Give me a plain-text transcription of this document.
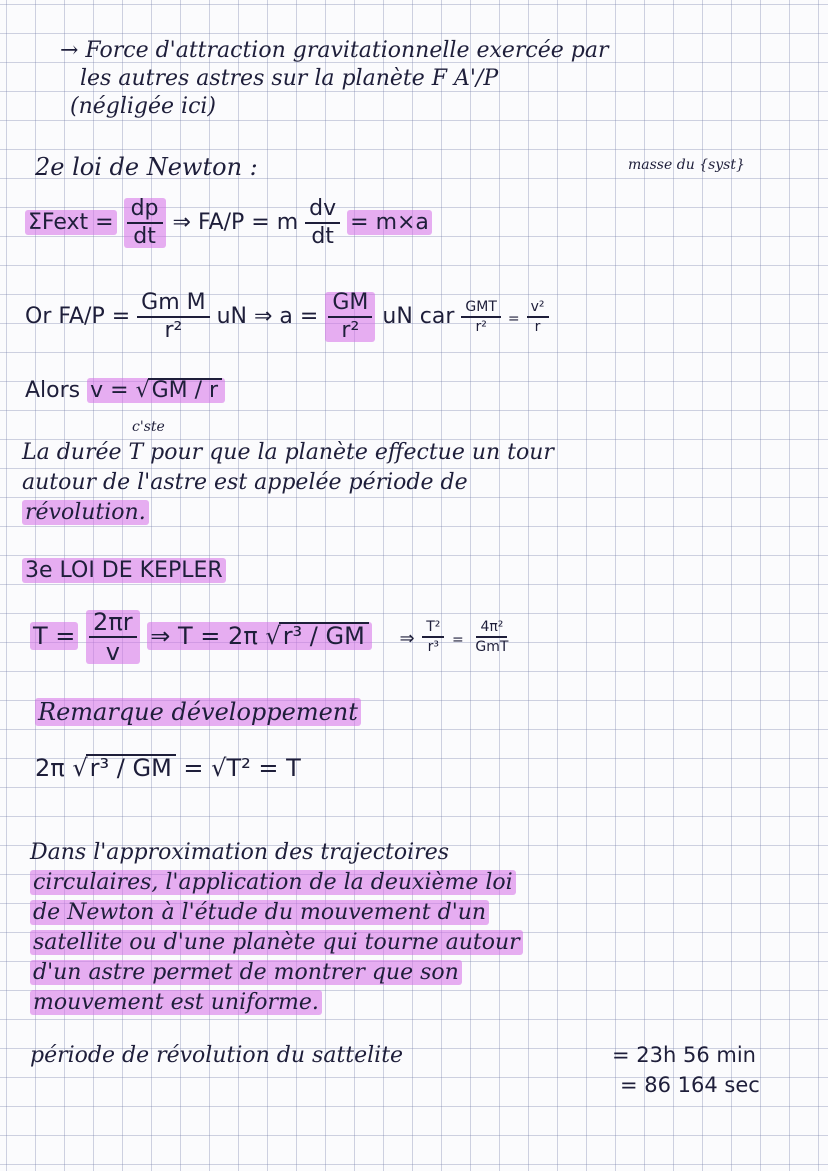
→ Force d'attraction gravitationnelle exercée par
les autres astres sur la planète F A'/P
(négligée ici)
2e loi de Newton :	masse du {syst}
ΣFext = $\frac{dp}{dt}$ ⇒ FA/P = m $\frac{dv}{dt} = m\times a$
Or $FA/P = \frac{\text{Gm M}}{\text{r²}}$ uN ⇒ $a = \frac{GM}{\text{r²}}$ uN car $\frac{\text{GMT}}{\text{r²}} = \frac{\text{v²}}{r}$
Alors v = √GM / r
c'ste
La durée T pour que la planète effectue un tour
autour de l'astre est appelée période de
révolution.
3e LOI DE KEPLER
$T = \frac{2\pi r}{v}$ ⇒ T = 2π √r³ / GM ⇒ $\frac{\text{T²}}{\text{r³}} = \frac{\text{4π²}}{\text{GmT}}$
Remarque développement
2π √r³ / GM = √T² = T
Dans l'approximation des trajectoires
circulaires, l'application de la deuxième loi
de Newton à l'étude du mouvement d'un
satellite ou d'une planète qui tourne autour
d'un astre permet de montrer que son
mouvement est uniforme.
période de révolution du sattelite	= 23h 56 min
= 86 164 sec
